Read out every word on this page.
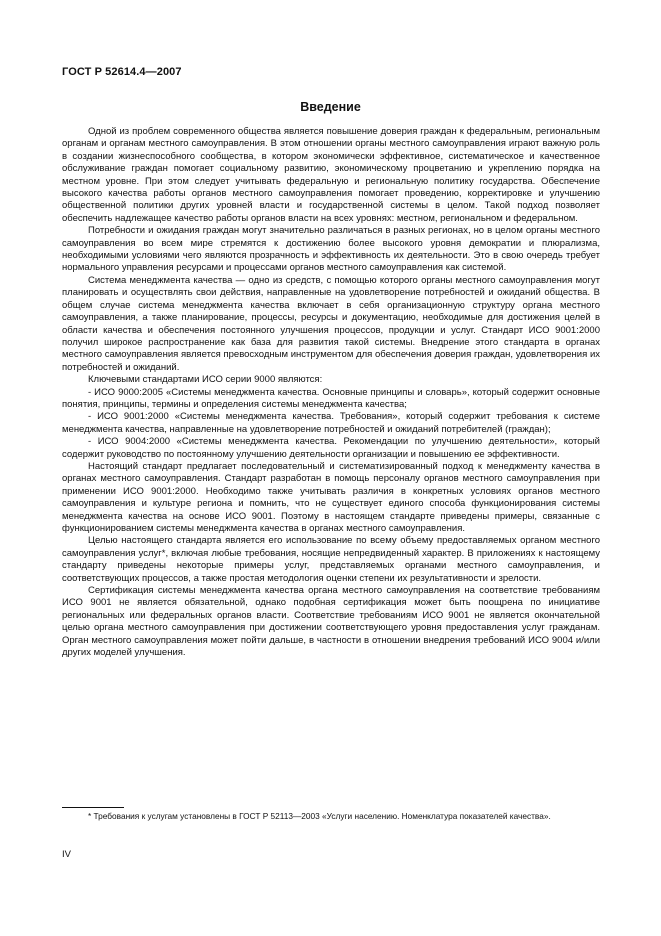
ГОСТ Р 52614.4—2007
Введение

Одной из проблем современного общества является повышение доверия граждан к федеральным, региональным органам и органам местного самоуправления. В этом отношении органы местного самоуправления играют важную роль в создании жизнеспособного сообщества, в котором экономически эффективное, систематическое и качественное обслуживание граждан помогает социальному развитию, экономическому процветанию и укреплению порядка на местном уровне. При этом следует учитывать федеральную и региональную политику государства. Обеспечение высокого качества работы органов местного самоуправления помогает проведению, корректировке и улучшению общественной политики других уровней власти и государственной системы в целом. Такой подход позволяет обеспечить надлежащее качество работы органов власти на всех уровнях: местном, региональном и федеральном.

Потребности и ожидания граждан могут значительно различаться в разных регионах, но в целом органы местного самоуправления во всем мире стремятся к достижению более высокого уровня демократии и плюрализма, необходимыми условиями чего являются прозрачность и эффективность их деятельности. Это в свою очередь требует нормального управления ресурсами и процессами органов местного самоуправления как системой.

Система менеджмента качества — одно из средств, с помощью которого органы местного самоуправления могут планировать и осуществлять свои действия, направленные на удовлетворение потребностей и ожиданий общества. В общем случае система менеджмента качества включает в себя организационную структуру органа местного самоуправления, а также планирование, процессы, ресурсы и документацию, необходимые для достижения целей в области качества и обеспечения постоянного улучшения процессов, продукции и услуг. Стандарт ИСО 9001:2000 получил широкое распространение как база для развития такой системы. Внедрение этого стандарта в органах местного самоуправления является превосходным инструментом для обеспечения доверия граждан, удовлетворения их потребностей и ожиданий.

Ключевыми стандартами ИСО серии 9000 являются:

- ИСО 9000:2005 «Системы менеджмента качества. Основные принципы и словарь», который содержит основные понятия, принципы, термины и определения системы менеджмента качества;

- ИСО 9001:2000 «Системы менеджмента качества. Требования», который содержит требования к системе менеджмента качества, направленные на удовлетворение потребностей и ожиданий потребителей (граждан);

- ИСО 9004:2000 «Системы менеджмента качества. Рекомендации по улучшению деятельности», который содержит руководство по постоянному улучшению деятельности организации и повышению ее эффективности.

Настоящий стандарт предлагает последовательный и систематизированный подход к менеджменту качества в органах местного самоуправления. Стандарт разработан в помощь персоналу органов местного самоуправления при применении ИСО 9001:2000. Необходимо также учитывать различия в конкретных условиях органов местного самоуправления и культуре региона и помнить, что не существует единого способа функционирования системы менеджмента качества на основе ИСО 9001. Поэтому в настоящем стандарте приведены примеры, связанные с функционированием системы менеджмента качества в органах местного самоуправления.

Целью настоящего стандарта является его использование по всему объему предоставляемых органом местного самоуправления услуг*, включая любые требования, носящие непредвиденный характер. В приложениях к настоящему стандарту приведены некоторые примеры услуг, представляемых органами местного самоуправления, и соответствующих процессов, а также простая методология оценки степени их результативности и зрелости.

Сертификация системы менеджмента качества органа местного самоуправления на соответствие требованиям ИСО 9001 не является обязательной, однако подобная сертификация может быть поощрена по инициативе региональных или федеральных органов власти. Соответствие требованиям ИСО 9001 не является окончательной целью органа местного самоуправления при достижении соответствующего уровня предоставления услуг гражданам. Орган местного самоуправления может пойти дальше, в частности в отношении внедрения требований ИСО 9004 и/или других моделей улучшения.

* Требования к услугам установлены в ГОСТ Р 52113—2003 «Услуги населению. Номенклатура показателей качества».

IV
